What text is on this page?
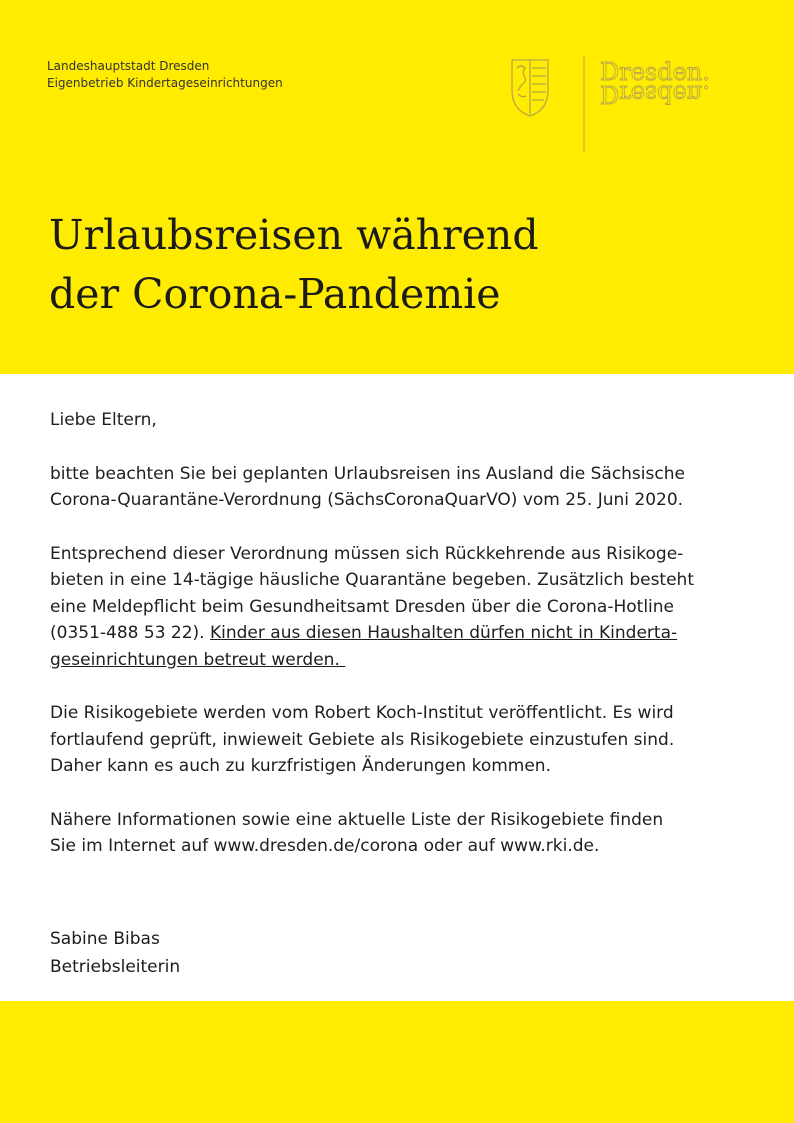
Landeshauptstadt Dresden
Eigenbetrieb Kindertageseinrichtungen	Dresden.
Dresden.
Urlaubsreisen während
der Corona-Pandemie

Liebe Eltern,

bitte beachten Sie bei geplanten Urlaubsreisen ins Ausland die Sächsische
Corona-Quarantäne-Verordnung (SächsCoronaQuarVO) vom 25. Juni 2020.

Entsprechend dieser Verordnung müssen sich Rückkehrende aus Risikoge-
bieten in eine 14-tägige häusliche Quarantäne begeben. Zusätzlich besteht
eine Meldepflicht beim Gesundheitsamt Dresden über die Corona-Hotline
(0351-488 53 22). Kinder aus diesen Haushalten dürfen nicht in Kinderta-
geseinrichtungen betreut werden.

Die Risikogebiete werden vom Robert Koch-Institut veröffentlicht. Es wird
fortlaufend geprüft, inwieweit Gebiete als Risikogebiete einzustufen sind.
Daher kann es auch zu kurzfristigen Änderungen kommen.

Nähere Informationen sowie eine aktuelle Liste der Risikogebiete finden
Sie im Internet auf www.dresden.de/corona oder auf www.rki.de.

Sabine Bibas
Betriebsleiterin
